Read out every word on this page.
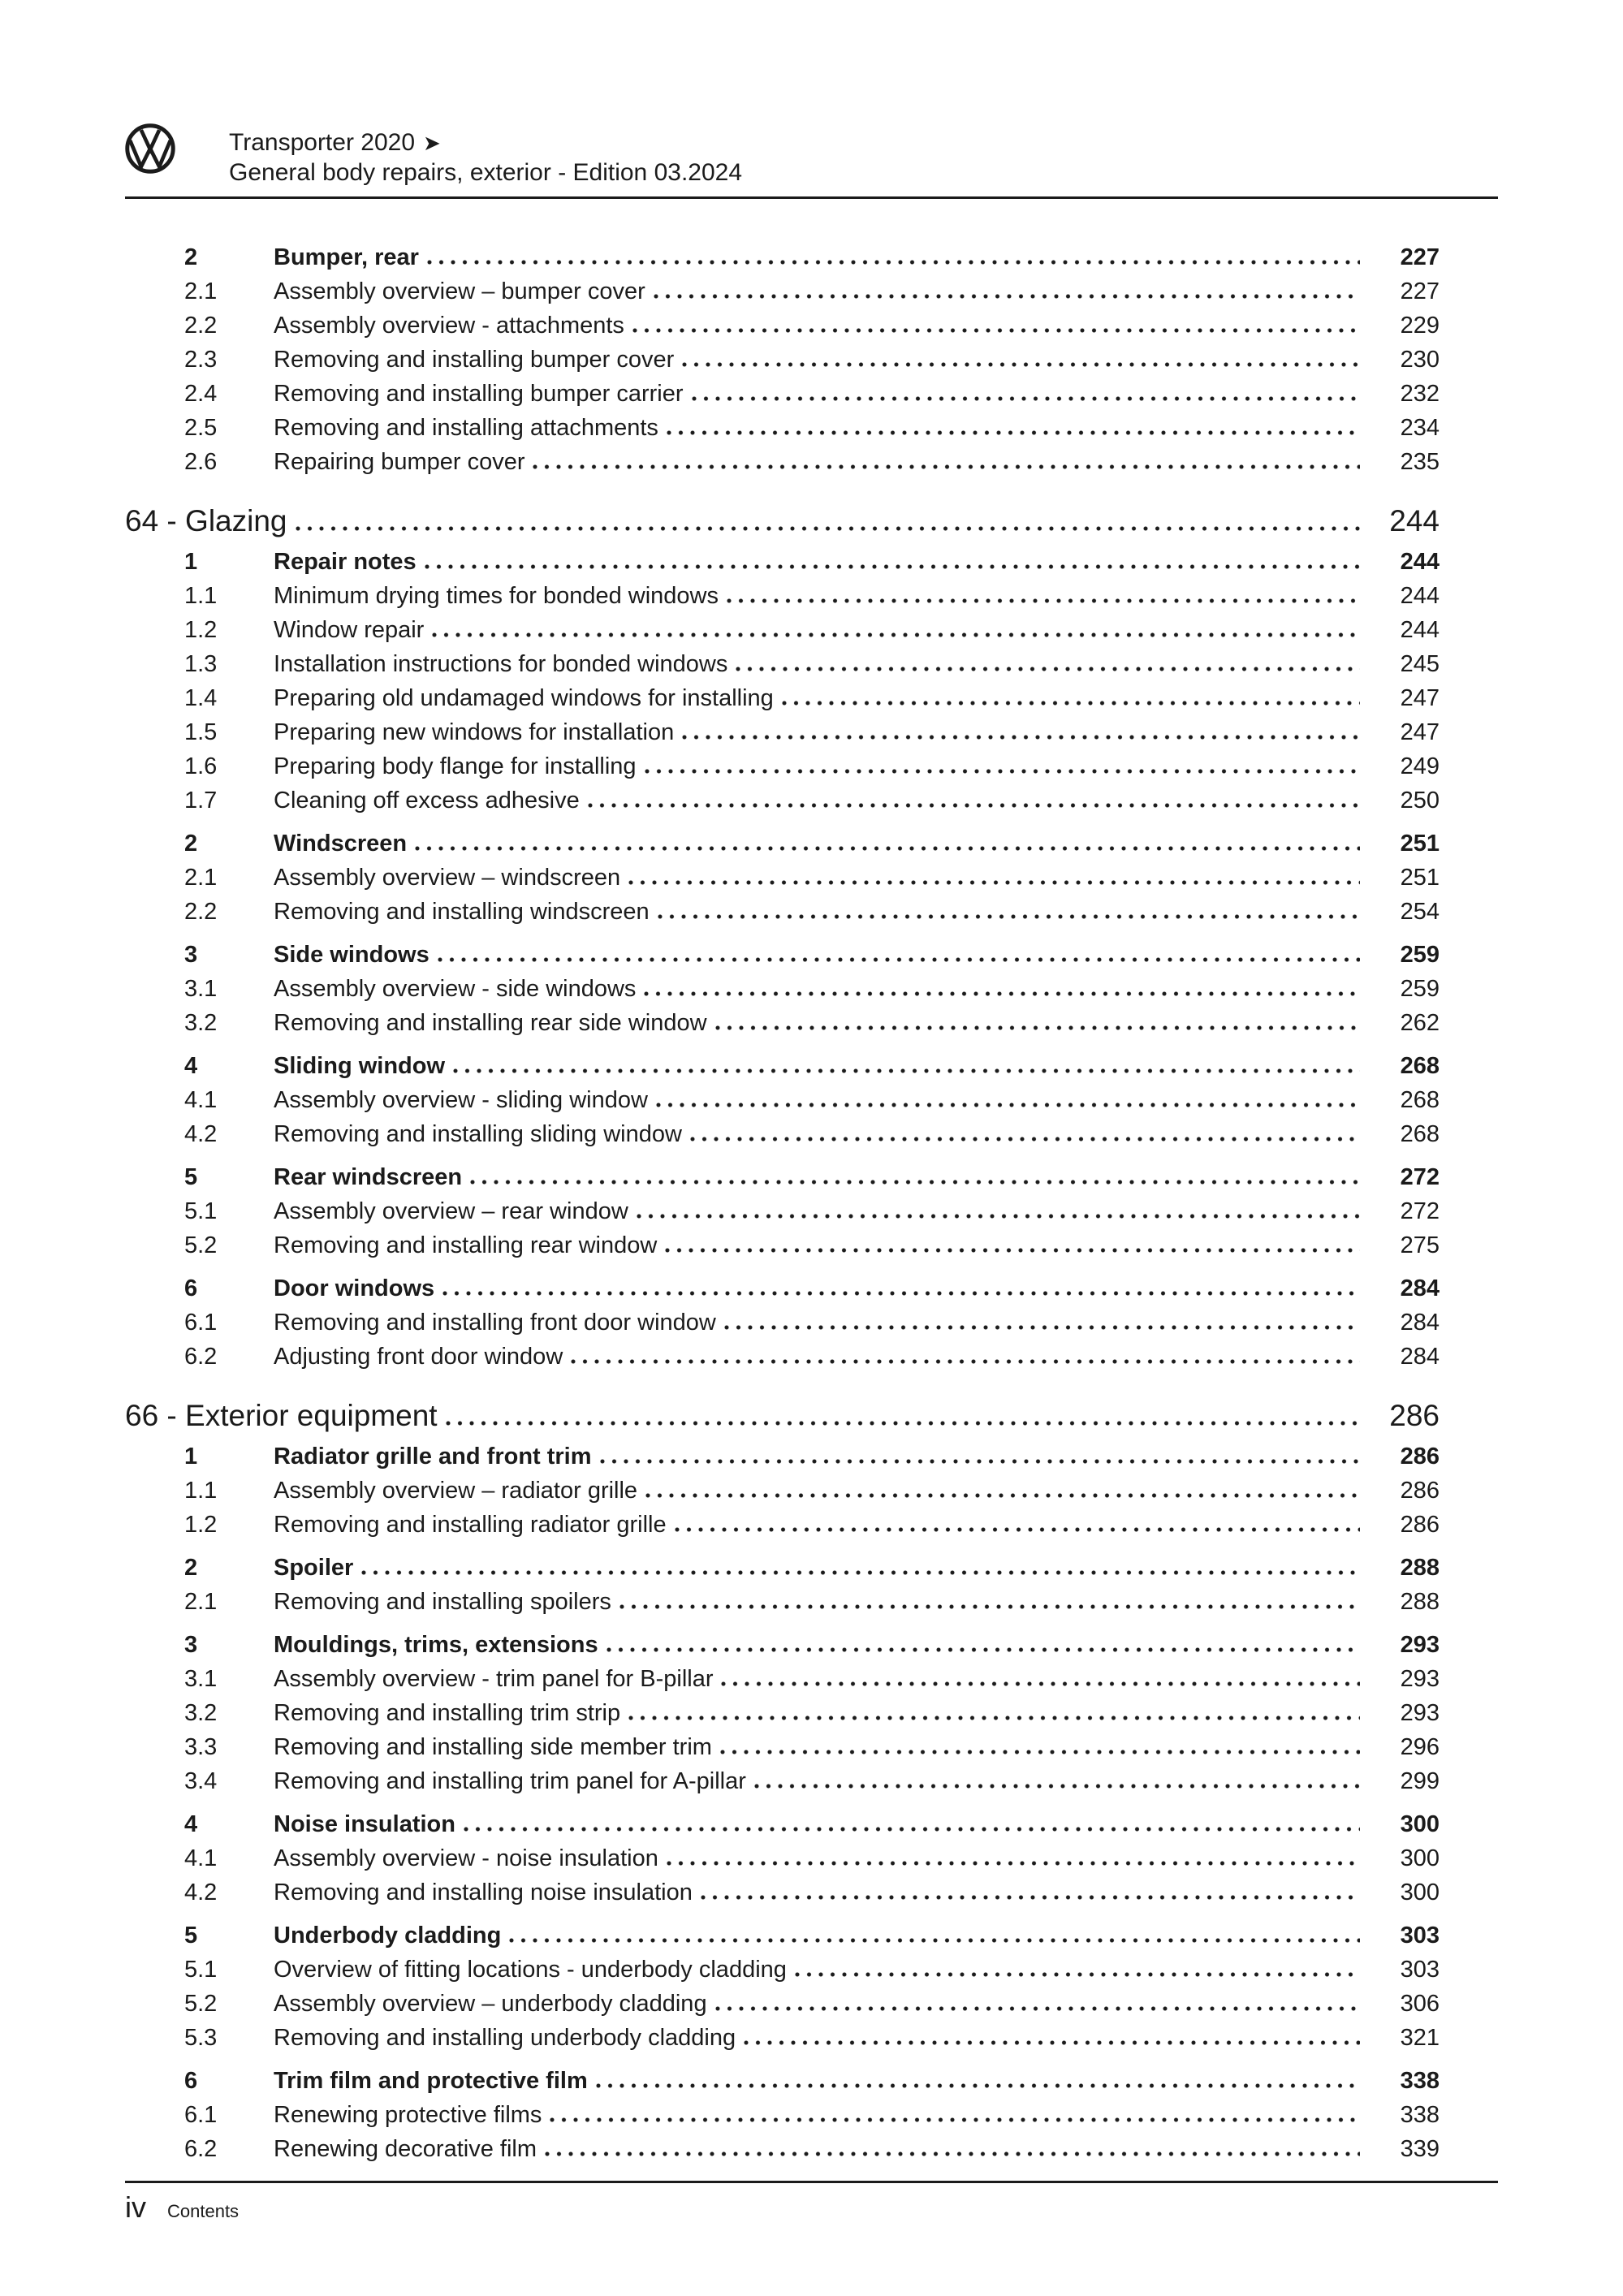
Transporter 2020 ➤
General body repairs, exterior - Edition 03.2024
2	Bumper, rear	227
2.1	Assembly overview – bumper cover	227
2.2	Assembly overview - attachments	229
2.3	Removing and installing bumper cover	230
2.4	Removing and installing bumper carrier	232
2.5	Removing and installing attachments	234
2.6	Repairing bumper cover	235
64 - Glazing	244
1	Repair notes	244
1.1	Minimum drying times for bonded windows	244
1.2	Window repair	244
1.3	Installation instructions for bonded windows	245
1.4	Preparing old undamaged windows for installing	247
1.5	Preparing new windows for installation	247
1.6	Preparing body flange for installing	249
1.7	Cleaning off excess adhesive	250
2	Windscreen	251
2.1	Assembly overview – windscreen	251
2.2	Removing and installing windscreen	254
3	Side windows	259
3.1	Assembly overview - side windows	259
3.2	Removing and installing rear side window	262
4	Sliding window	268
4.1	Assembly overview - sliding window	268
4.2	Removing and installing sliding window	268
5	Rear windscreen	272
5.1	Assembly overview – rear window	272
5.2	Removing and installing rear window	275
6	Door windows	284
6.1	Removing and installing front door window	284
6.2	Adjusting front door window	284
66 - Exterior equipment	286
1	Radiator grille and front trim	286
1.1	Assembly overview – radiator grille	286
1.2	Removing and installing radiator grille	286
2	Spoiler	288
2.1	Removing and installing spoilers	288
3	Mouldings, trims, extensions	293
3.1	Assembly overview - trim panel for B-pillar	293
3.2	Removing and installing trim strip	293
3.3	Removing and installing side member trim	296
3.4	Removing and installing trim panel for A-pillar	299
4	Noise insulation	300
4.1	Assembly overview - noise insulation	300
4.2	Removing and installing noise insulation	300
5	Underbody cladding	303
5.1	Overview of fitting locations - underbody cladding	303
5.2	Assembly overview – underbody cladding	306
5.3	Removing and installing underbody cladding	321
6	Trim film and protective film	338
6.1	Renewing protective films	338
6.2	Renewing decorative film	339
iv Contents
